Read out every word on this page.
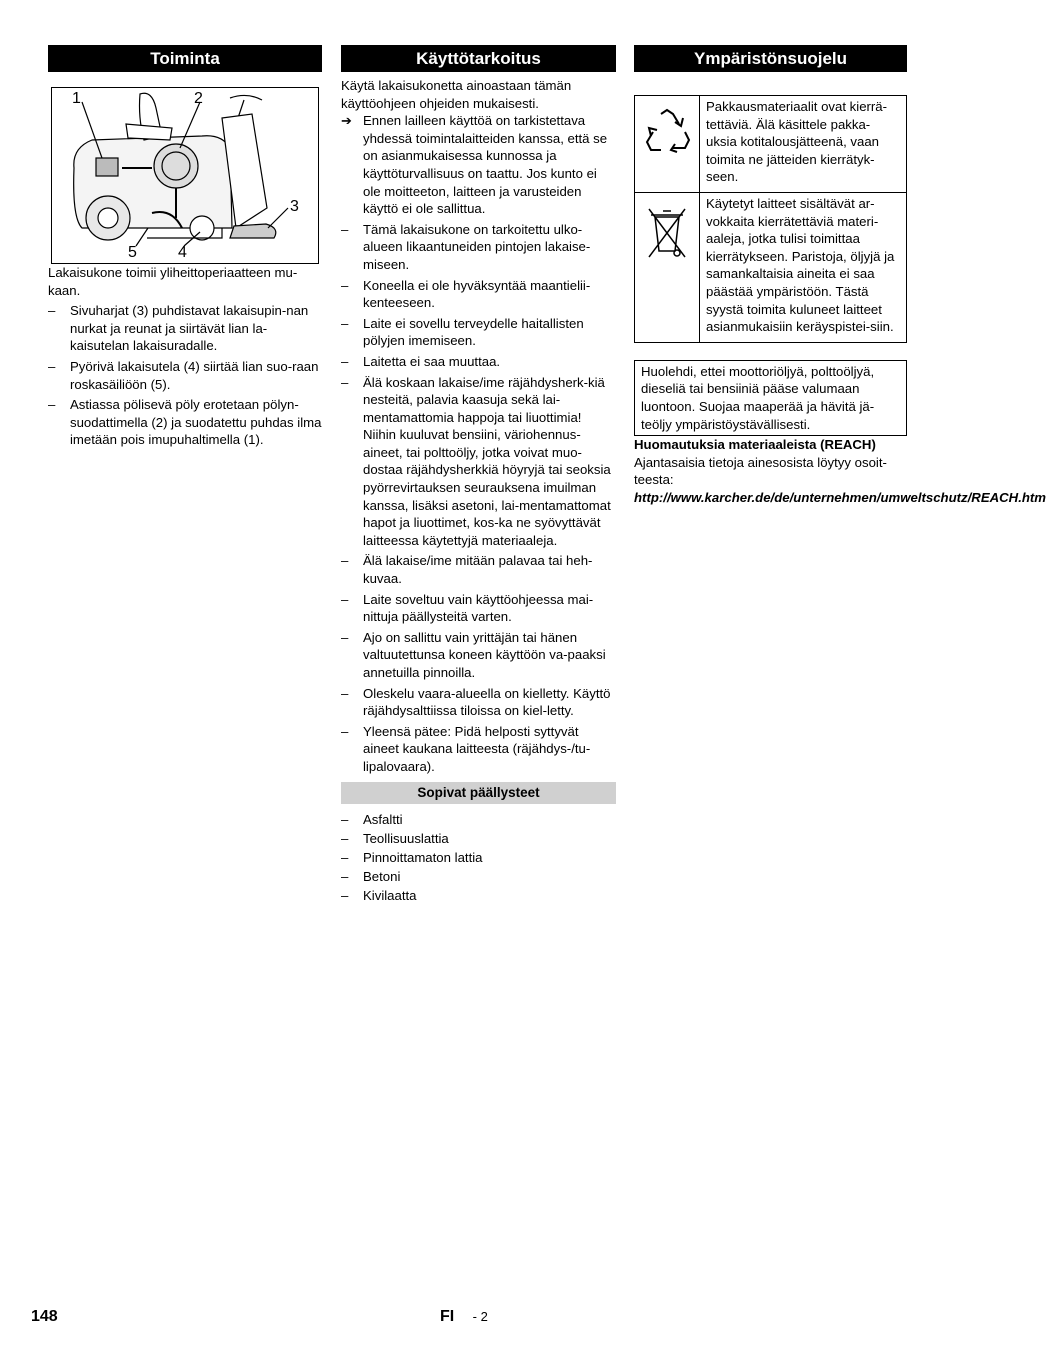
Toiminta
1	2
3
4
5

Lakaisukone toimii yliheittoperiaatteen mu-kaan.

– Sivuharjat (3) puhdistavat lakaisupin-nan nurkat ja reunat ja siirtävät lian la-kaisutelan lakaisuradalle.
– Pyörivä lakaisutela (4) siirtää lian suo-raan roskasäiliöön (5).
– Astiassa pölisevä pöly erotetaan pölyn-suodattimella (2) ja suodatettu puhdas ilma imetään pois imupuhaltimella (1).
Käyttötarkoitus

Käytä lakaisukonetta ainoastaan tämän käyttöohjeen ohjeiden mukaisesti.

➔ Ennen lailleen käyttöä on tarkistettava yhdessä toimintalaitteiden kanssa, että se on asianmukaisessa kunnossa ja käyttöturvallisuus on taattu. Jos kunto ei ole moitteeton, laitteen ja varusteiden käyttö ei ole sallittua.
– Tämä lakaisukone on tarkoitettu ulko-alueen likaantuneiden pintojen lakaise-miseen.
– Koneella ei ole hyväksyntää maantielii-kenteeseen.
– Laite ei sovellu terveydelle haitallisten pölyjen imemiseen.
– Laitetta ei saa muuttaa.
– Älä koskaan lakaise/ime räjähdysherk-kiä nesteitä, palavia kaasuja sekä lai-mentamattomia happoja tai liuottimia! Niihin kuuluvat bensiini, väriohennus-aineet, tai polttoöljy, jotka voivat muo-dostaa räjähdysherkkiä höyryjä tai seoksia pyörrevirtauksen seurauksena imuilman kanssa, lisäksi asetoni, lai-mentamattomat hapot ja liuottimet, kos-ka ne syövyttävät laitteessa käytettyjä materiaaleja.
– Älä lakaise/ime mitään palavaa tai heh-kuvaa.
– Laite soveltuu vain käyttöohjeessa mai-nittuja päällysteitä varten.
– Ajo on sallittu vain yrittäjän tai hänen valtuutettunsa koneen käyttöön va-paaksi annetuilla pinnoilla.
– Oleskelu vaara-alueella on kielletty. Käyttö räjähdysalttiissa tiloissa on kiel-letty.
– Yleensä pätee: Pidä helposti syttyvät aineet kaukana laitteesta (räjähdys-/tu-lipalovaara).
Sopivat päällysteet
– Asfaltti
– Teollisuuslattia
– Pinnoittamaton lattia
– Betoni
– Kivilaatta
Ympäristönsuojelu
	Pakkausmateriaalit ovat kierrä-tettäviä. Älä käsittele pakka-uksia kotitalousjätteenä, vaan toimita ne jätteiden kierrätyk-seen.
	Käytetyt laitteet sisältävät ar-vokkaita kierrätettäviä materi-aaleja, jotka tulisi toimittaa kierrätykseen. Paristoja, öljyjä ja samankaltaisia aineita ei saa päästää ympäristöön. Tästä syystä toimita kuluneet laitteet asianmukaisiin keräyspistei-siin.
Huolehdi, ettei moottoriöljyä, polttoöljyä, dieseliä tai bensiiniä pääse valumaan luontoon. Suojaa maaperää ja hävitä jä-teöljy ympäristöystävällisesti.

Huomautuksia materiaaleista (REACH)

Ajantasaisia tietoja ainesosista löytyy osoit-teesta:

http://www.karcher.de/de/unternehmen/umweltschutz/REACH.htm

148	FI - 2
